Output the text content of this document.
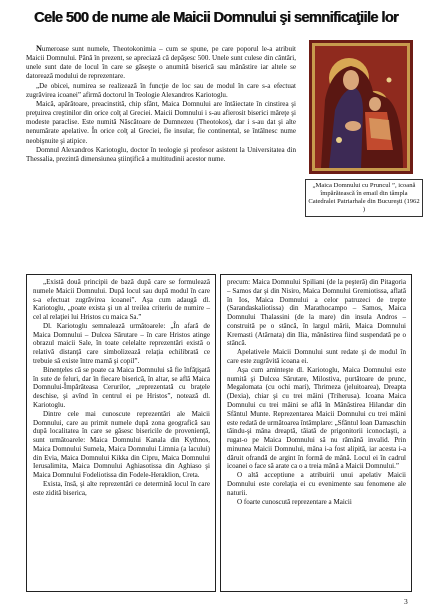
Cele 500 de nume ale Maicii Domnului şi semnificaţiile lor

Numeroase sunt numele, Theotokonimia – cum se spune, pe care poporul le-a atribuit Maicii Domnului. Până în prezent, se apreciază că depăşesc 500. Unele sunt culese din cântări, unele sunt date de locul în care se găseşte o anumită biserică sau mănăstire iar altele se datorează modului de reprezentare.

„De obicei, numirea se realizează în funcţie de loc sau de modul în care s-a efectuat zugrăvirea icoanei” afirmă doctorul în Teologie Alexandros Kariotoglu.

Maică, apărătoare, preacinstită, chip sfânt, Maica Domnului are întâiectate în cinstirea şi preţuirea creştinilor din orice colţ al Greciei. Maicii Domnului i s-au afierosit biserici măreţe şi modeste paraclise. Este numită Născătoare de Dumnezeu (Theotokos), dar i s-au dat şi alte nenumărate apelative. În orice colţ al Greciei, fie insular, fie continental, se întâlnesc nume neobişnuite şi atipice.

Domnul Alexandros Kariotoglu, doctor în teologie şi profesor asistent la Universitatea din Thessalia, prezintă dimensiunea ştiinţifică a multitudinii acestor nume.

„Maica Domnului cu Pruncul ”, icoană împărătească în email din tâmpla Catedralei Patriarhale din Bucureşti (1962 )

„Există două principii de bază după care se formulează numele Maicii Domnului. După locul sau după modul în care s-a efectuat zugrăvirea icoanei”. Aşa cum adaugă dl. Kariotoglu, „poate exista şi un al treilea criteriu de numire – cel al relaţiei lui Hristos cu maica Sa.”

Dl. Kariotoglu semnalează următoarele: „În afară de Maica Domnului – Dulcea Sărutare – în care Hristos atinge obrazul maicii Sale, în toate celelalte reprezentări există o relativă distanţă care simbolizează relaţia echilibrată ce trebuie să existe între mamă şi copil”.

Binenţeles că se poate ca Maica Domnului să fie înfăţişată în sute de feluri, dar în fiecare biserică, în altar, se află Maica Domnului-Împărăteasa Cerurilor, „reprezentată cu braţele deschise, şi avînd în centrul ei pe Hristos”, notează dl. Kariotoglu.

Dintre cele mai cunoscute reprezentări ale Maicii Domnului, care au primit numele după zona geografică sau după localitatea în care se găsesc bisericile de provenienţă, sunt următoarele: Maica Domnului Kanala din Kythnos, Maica Domnului Sumela, Maica Domnului Limnia (a lacului) din Evia, Maica Domnului Kikka din Cipru, Maica Domnului Ierusalimita, Maica Domnului Aghiasotissa din Aghiaso şi Maica Domnului Fodeliotissa din Fodele-Heraklion, Creta.

Exista, însă, şi alte reprezentări ce determină locul în care este zidită biserica,

precum: Maica Domnului Spiliani (de la peşteră) din Pitagoria – Samos dar şi din Nisiro, Maica Domnului Gremiotissa, aflată în Ios, Maica Domnului a celor patruzeci de trepte (Sarandaskaliotissa) din Marathocampo – Samos, Maica Domnului Thalassini (de la mare) din insula Andros – construită pe o stâncă, în largul mării, Maica Domnului Kremasti (Atârnata) din Ilia, mânăstirea fiind suspendată pe o stâncă.

Apelativele Maicii Domnului sunt redate şi de modul în care este zugrăvită icoana ei.

Aşa cum aminteşte dl. Kariotoglu, Maica Domnului este numită şi Dulcea Sărutare, Milostiva, purtătoare de prunc, Megalomata (cu ochi mari), Thrimeza (jeluitoarea), Dreapta (Dexia), chiar şi cu trei mâini (Triherusa). Icoana Maica Domnului cu trei mâini se află în Mânăstirea Hilandar din Sfântul Munte. Reprezentarea Maicii Domnului cu trei mâini este redată de următoarea întâmplare: „Sfântul Ioan Damaschin tăindu-şi mâna dreaptă, tăiată de prigonitorii iconoclaşti, a rugat-o pe Maica Domnului să nu rămână invalid. Prin minunea Maicii Domnului, mâna i-a fost alipită, iar acesta i-a dăruit ofrandă de argint în formă de mână. Locul ei în cadrul icoanei o face să arate ca o a treia mână a Maicii Domnului.”

O altă acceptiune a atribuirii unui apelativ Maicii Domnului este corelaţia ei cu evenimente sau fenomene ale naturii.

O foarte cunoscută reprezentare a Maicii

3
